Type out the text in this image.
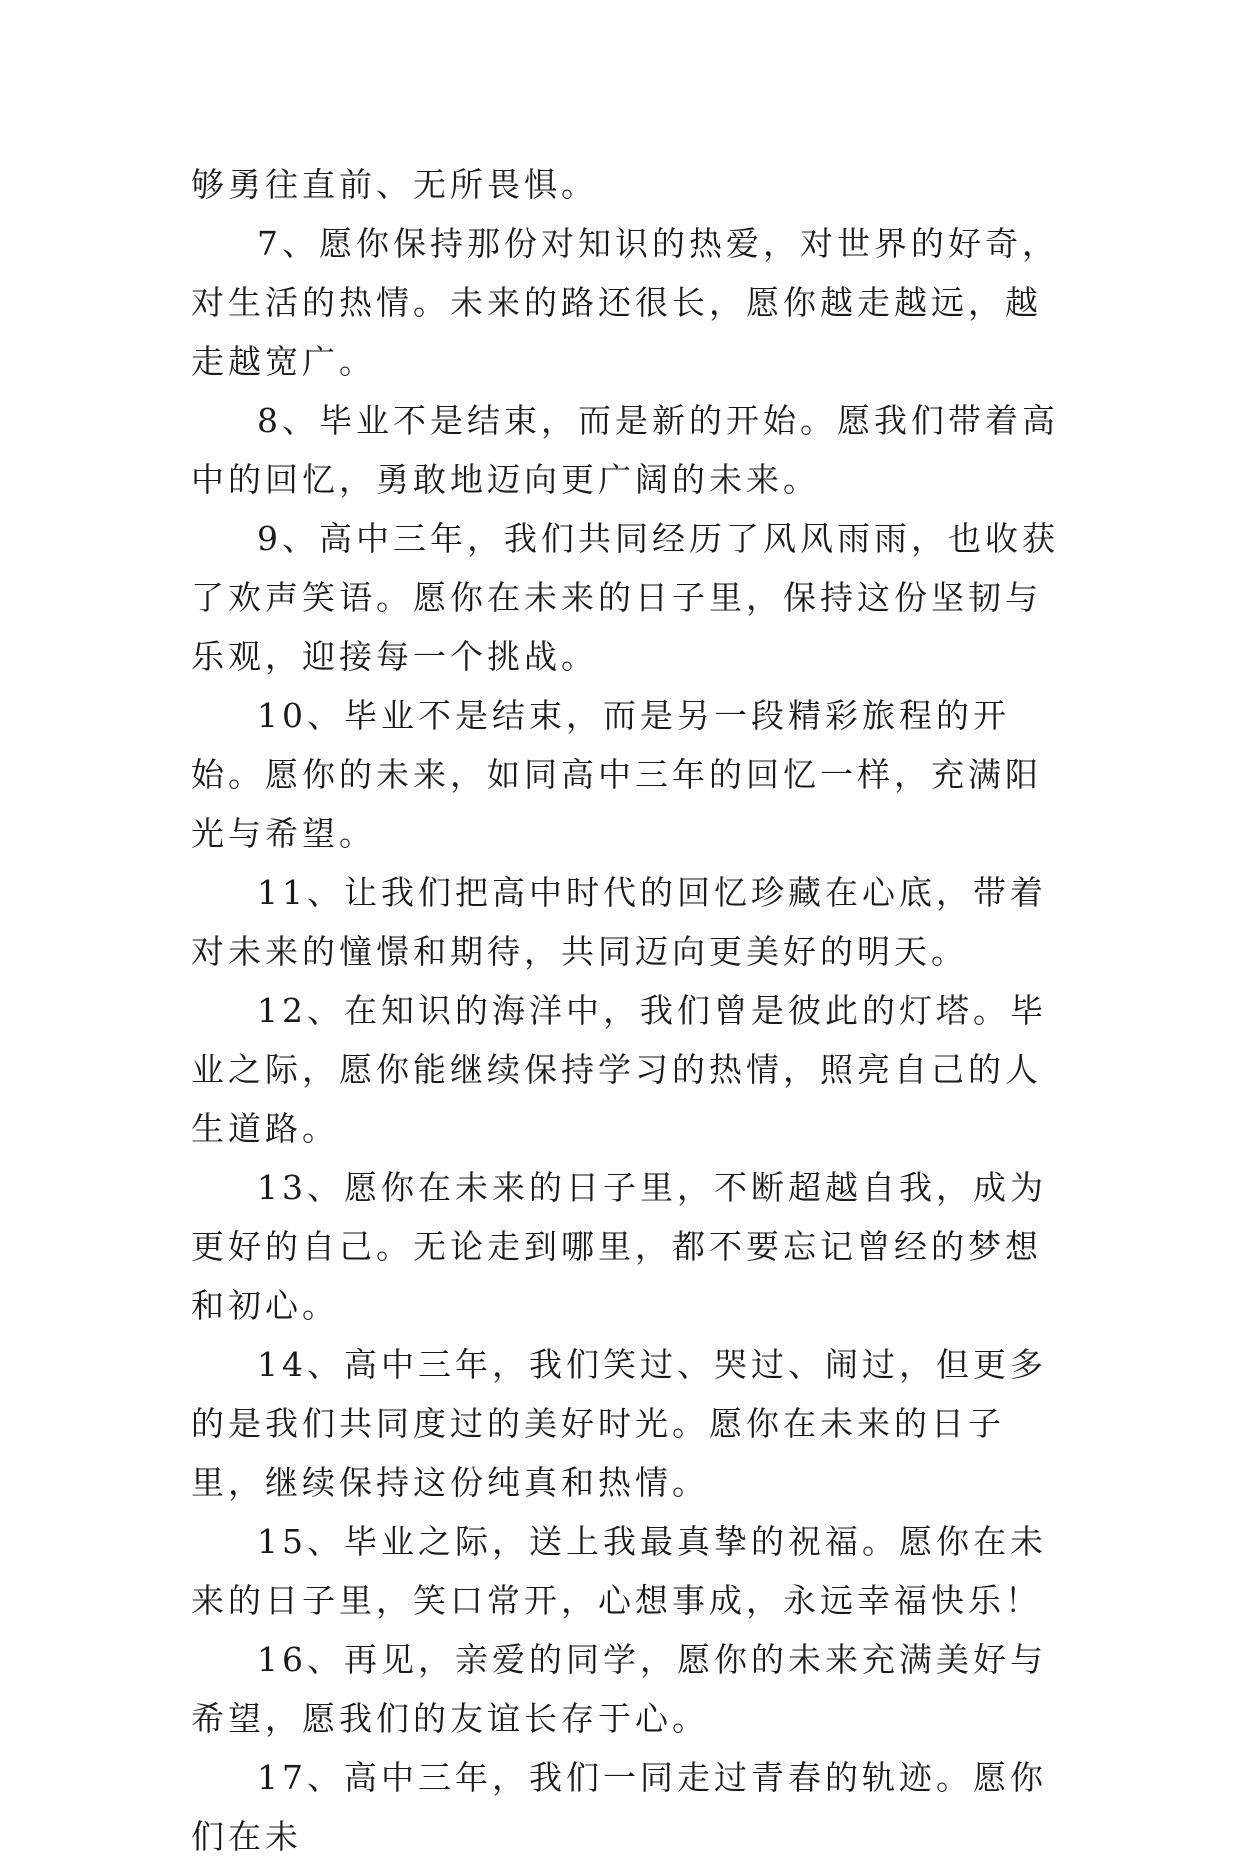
够勇往直前、无所畏惧。

7、愿你保持那份对知识的热爱，对世界的好奇，对生活的热情。未来的路还很长，愿你越走越远，越走越宽广。

8、毕业不是结束，而是新的开始。愿我们带着高中的回忆，勇敢地迈向更广阔的未来。

9、高中三年，我们共同经历了风风雨雨，也收获了欢声笑语。愿你在未来的日子里，保持这份坚韧与乐观，迎接每一个挑战。

10、毕业不是结束，而是另一段精彩旅程的开始。愿你的未来，如同高中三年的回忆一样，充满阳光与希望。

11、让我们把高中时代的回忆珍藏在心底，带着对未来的憧憬和期待，共同迈向更美好的明天。

12、在知识的海洋中，我们曾是彼此的灯塔。毕业之际，愿你能继续保持学习的热情，照亮自己的人生道路。

13、愿你在未来的日子里，不断超越自我，成为更好的自己。无论走到哪里，都不要忘记曾经的梦想和初心。

14、高中三年，我们笑过、哭过、闹过，但更多的是我们共同度过的美好时光。愿你在未来的日子里，继续保持这份纯真和热情。

15、毕业之际，送上我最真挚的祝福。愿你在未来的日子里，笑口常开，心想事成，永远幸福快乐！

16、再见，亲爱的同学，愿你的未来充满美好与希望，愿我们的友谊长存于心。

17、高中三年，我们一同走过青春的轨迹。愿你们在未
